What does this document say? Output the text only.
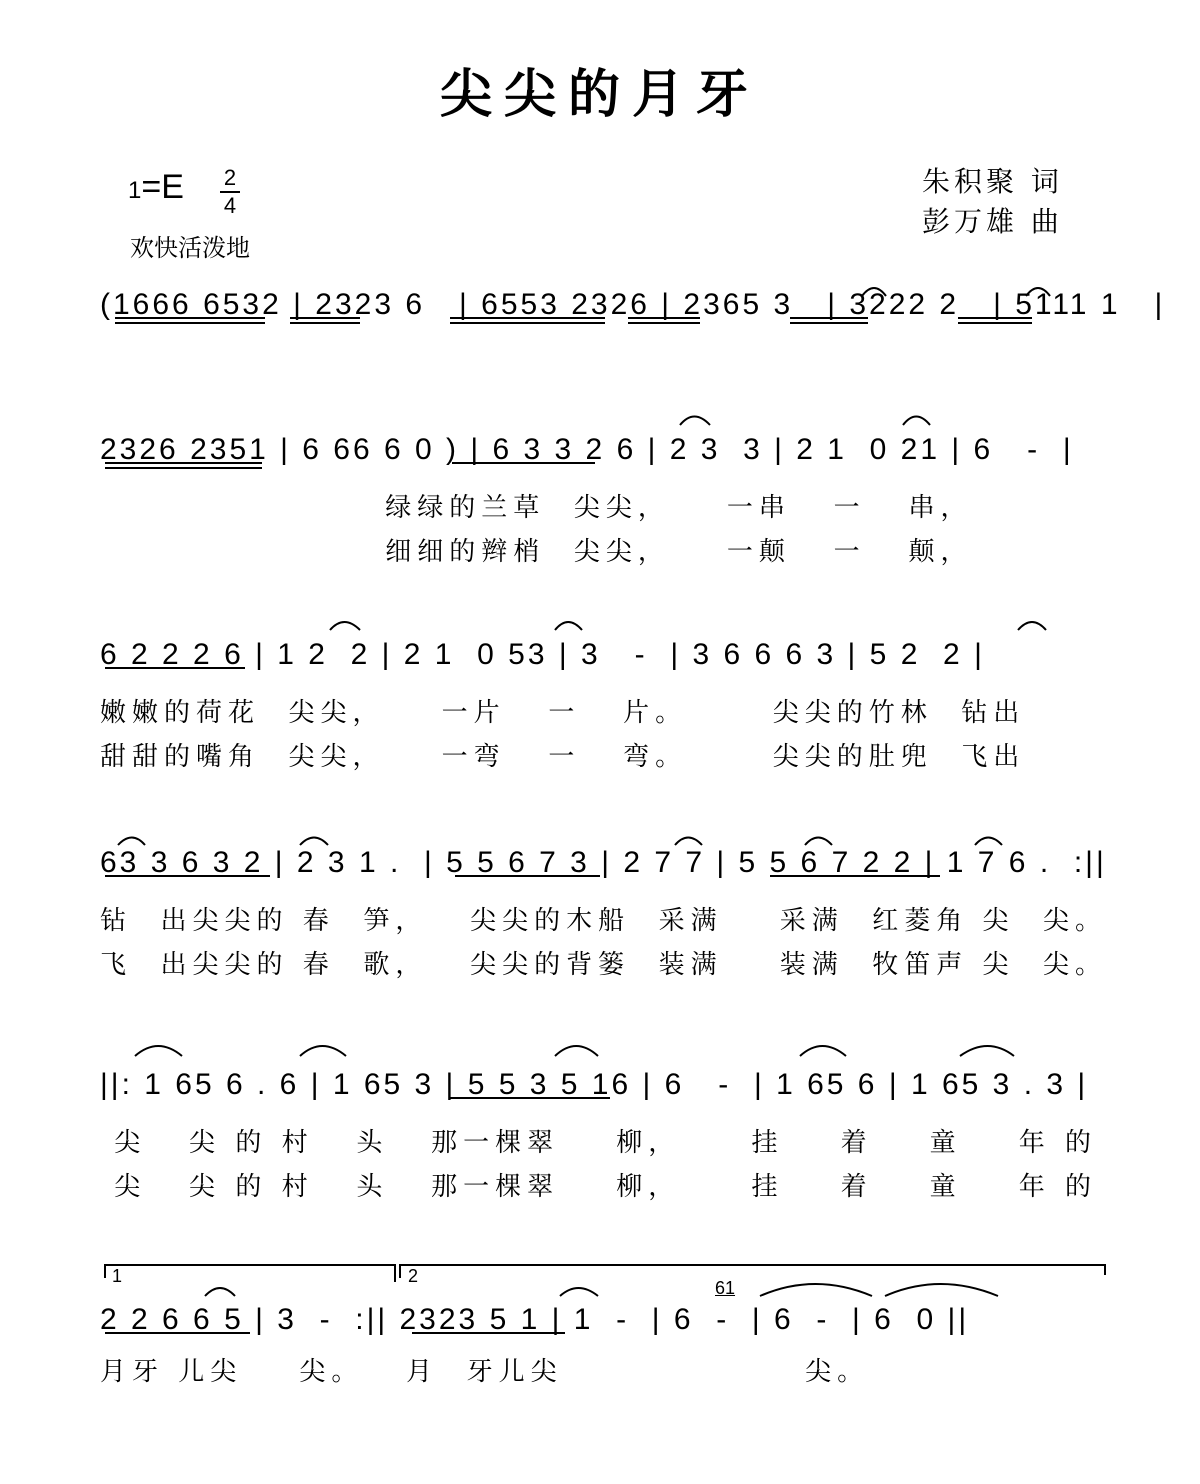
尖尖的月牙
1=E 2
4
欢快活泼地
朱积聚 词
彭万雄 曲
(1666 6532 | 2323 6   | 6553 2326 | 2365 3   | 3222 2   | 5111 1   |
2326 2351 | 6 66 6 0 ) | 6 3 3 2 6 | 2 3  3 | 2 1  0 21 | 6   -  |
绿绿的兰草  尖尖，    一串   一   串，
细细的辫梢  尖尖，    一颠   一   颠，
6 2 2 2 6 | 1 2  2 | 2 1  0 53 | 3   -  | 3 6 6 6 3 | 5 2  2 |
嫩嫩的荷花  尖尖，    一片   一   片。      尖尖的竹林  钻出
甜甜的嘴角  尖尖，    一弯   一   弯。      尖尖的肚兜  飞出
63 3 6 3 2 | 2 3 1 .  | 5 5 6 7 3 | 2 7 7 | 5 5 6 7 2 2 | 1 7 6 .  :||
钻  出尖尖的 春  笋，   尖尖的木船  采满    采满  红菱角 尖  尖。
飞  出尖尖的 春  歌，   尖尖的背篓  装满    装满  牧笛声 尖  尖。
||: 1 65 6 . 6 | 1 65 3 | 5 5 3 5 16 | 6   -  | 1 65 6 | 1 65 3 . 3 |
尖   尖 的 村   头   那一棵翠    柳，     挂    着    童    年 的
尖   尖 的 村   头   那一棵翠    柳，     挂    着    童    年 的
1	2
61
2 2 6 6 5 | 3  -  :|| 2323 5 1 | 1  -  | 6  -  | 6  -  | 6  0 ||
月牙 儿尖    尖。   月  牙儿尖                 尖。
